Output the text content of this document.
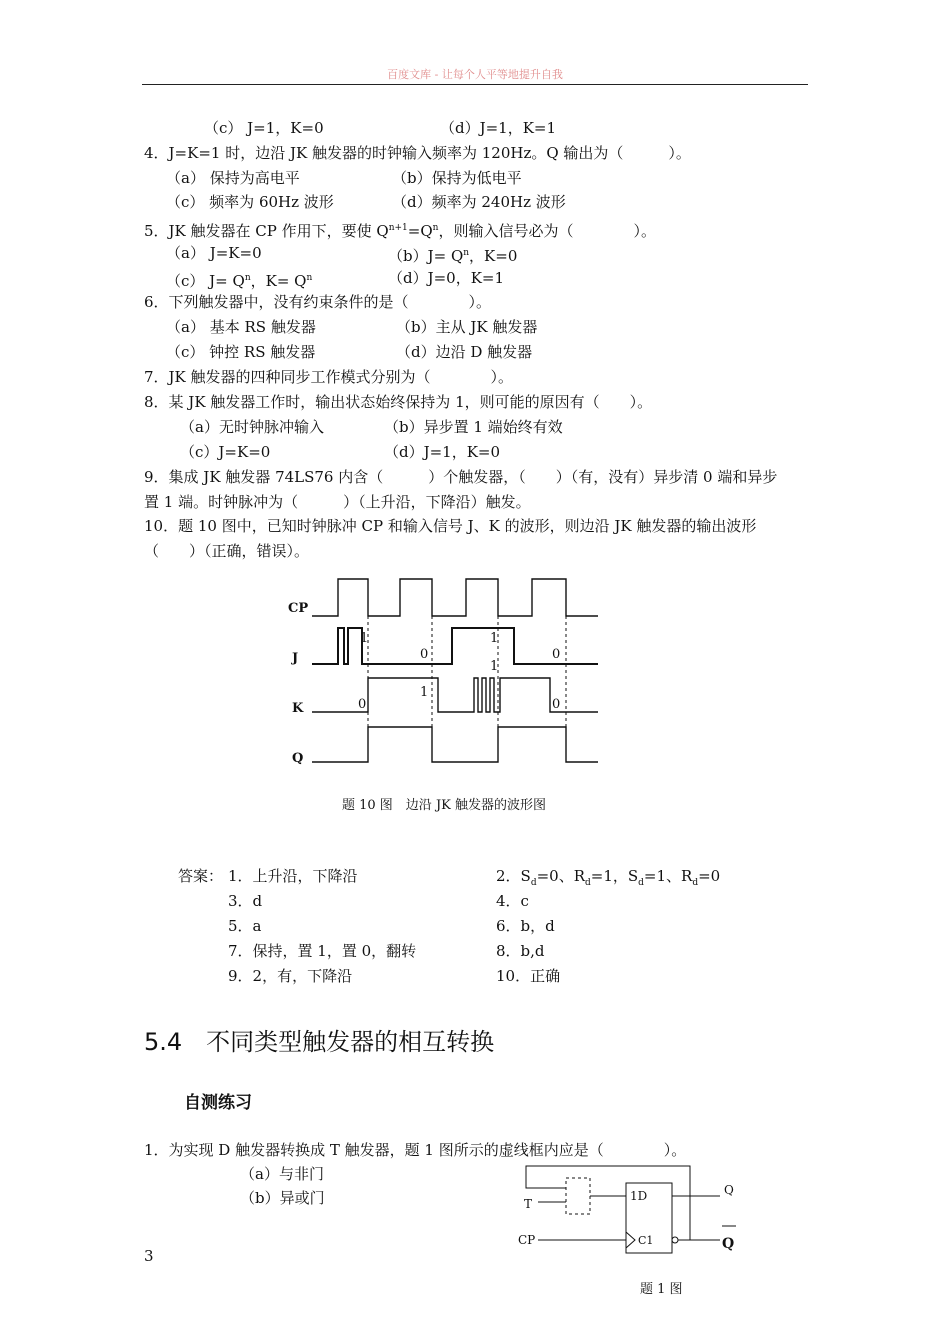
百度文库 - 让每个人平等地提升自我
（c） J=1，K=0	（d）J=1，K=1
4．J=K=1 时，边沿 JK 触发器的时钟输入频率为 120Hz。Q 输出为（　　　）。
（a） 保持为高电平	（b）保持为低电平
（c） 频率为 60Hz 波形	（d）频率为 240Hz 波形
5．JK 触发器在 CP 作用下，要使 $Q^{n+1}=Q^n$，则输入信号必为（　　　　）。
（a） J=K=0	$(b)J= Q^n$，K=0
（c） $J= Q^n$，$K= Q^n$	（d）J=0，K=1
6．下列触发器中，没有约束条件的是（　　　　）。
（a） 基本 RS 触发器	（b）主从 JK 触发器
（c） 钟控 RS 触发器	（d）边沿 D 触发器
7．JK 触发器的四种同步工作模式分别为（　　　　）。
8．某 JK 触发器工作时，输出状态始终保持为 1，则可能的原因有（　　）。
（a）无时钟脉冲输入	（b）异步置 1 端始终有效
（c）J=K=0	（d）J=1，K=0
9．集成 JK 触发器 74LS76 内含（　　　）个触发器，（　　）（有，没有）异步清 0 端和异步
置 1 端。时钟脉冲为（　　　）（上升沿，下降沿）触发。
10．题 10 图中，已知时钟脉冲 CP 和输入信号 J、K 的波形，则边沿 JK 触发器的输出波形
（　　）（正确，错误）。
CP
J
K
Q
1
0
1
0	0
1
1
0
题 10 图　边沿 JK 触发器的波形图
答案： 1．上升沿，下降沿	2．$S_d=0$、$R_d=1$，$S_d=1$、$R_d=0$
3．d	4．c
5．a	6．b，d
7．保持，置 1，置 0，翻转	8．b,d
9．2，有，下降沿	10．正确
5.4　不同类型触发器的相互转换
自测练习
1．为实现 D 触发器转换成 T 触发器，题 1 图所示的虚线框内应是（　　　　）。
（a）与非门
（b）异或门	T
CP
Q
Q
1D
C1
题 1 图
3
